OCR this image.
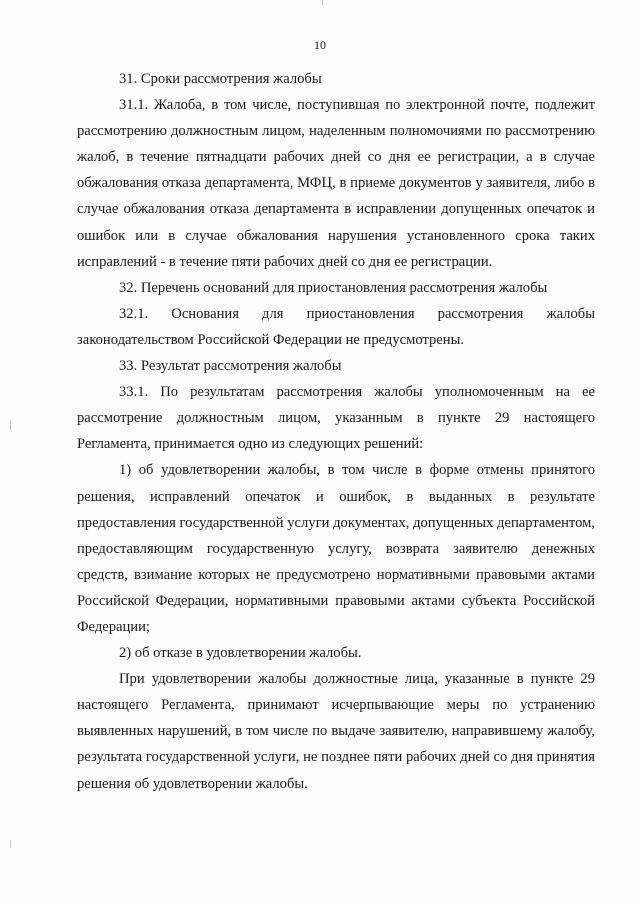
10

31. Сроки рассмотрения жалобы

31.1. Жалоба, в том числе, поступившая по электронной почте, подлежит рассмотрению должностным лицом, наделенным полномочиями по рассмотрению жалоб, в течение пятнадцати рабочих дней со дня ее регистрации, а в случае обжалования отказа департамента, МФЦ, в приеме документов у заявителя, либо в случае обжалования отказа департамента в исправлении допущенных опечаток и ошибок или в случае обжалования нарушения установленного срока таких исправлений - в течение пяти рабочих дней со дня ее регистрации.

32. Перечень оснований для приостановления рассмотрения жалобы

32.1. Основания для приостановления рассмотрения жалобы законодательством Российской Федерации не предусмотрены.

33. Результат рассмотрения жалобы

33.1. По результатам рассмотрения жалобы уполномоченным на ее рассмотрение должностным лицом, указанным в пункте 29 настоящего Регламента, принимается одно из следующих решений:

1) об удовлетворении жалобы, в том числе в форме отмены принятого решения, исправлений опечаток и ошибок, в выданных в результате предоставления государственной услуги документах, допущенных департаментом, предоставляющим государственную услугу, возврата заявителю денежных средств, взимание которых не предусмотрено нормативными правовыми актами Российской Федерации, нормативными правовыми актами субъекта Российской Федерации;

2) об отказе в удовлетворении жалобы.

При удовлетворении жалобы должностные лица, указанные в пункте 29 настоящего Регламента, принимают исчерпывающие меры по устранению выявленных нарушений, в том числе по выдаче заявителю, направившему жалобу, результата государственной услуги, не позднее пяти рабочих дней со дня принятия решения об удовлетворении жалобы.
